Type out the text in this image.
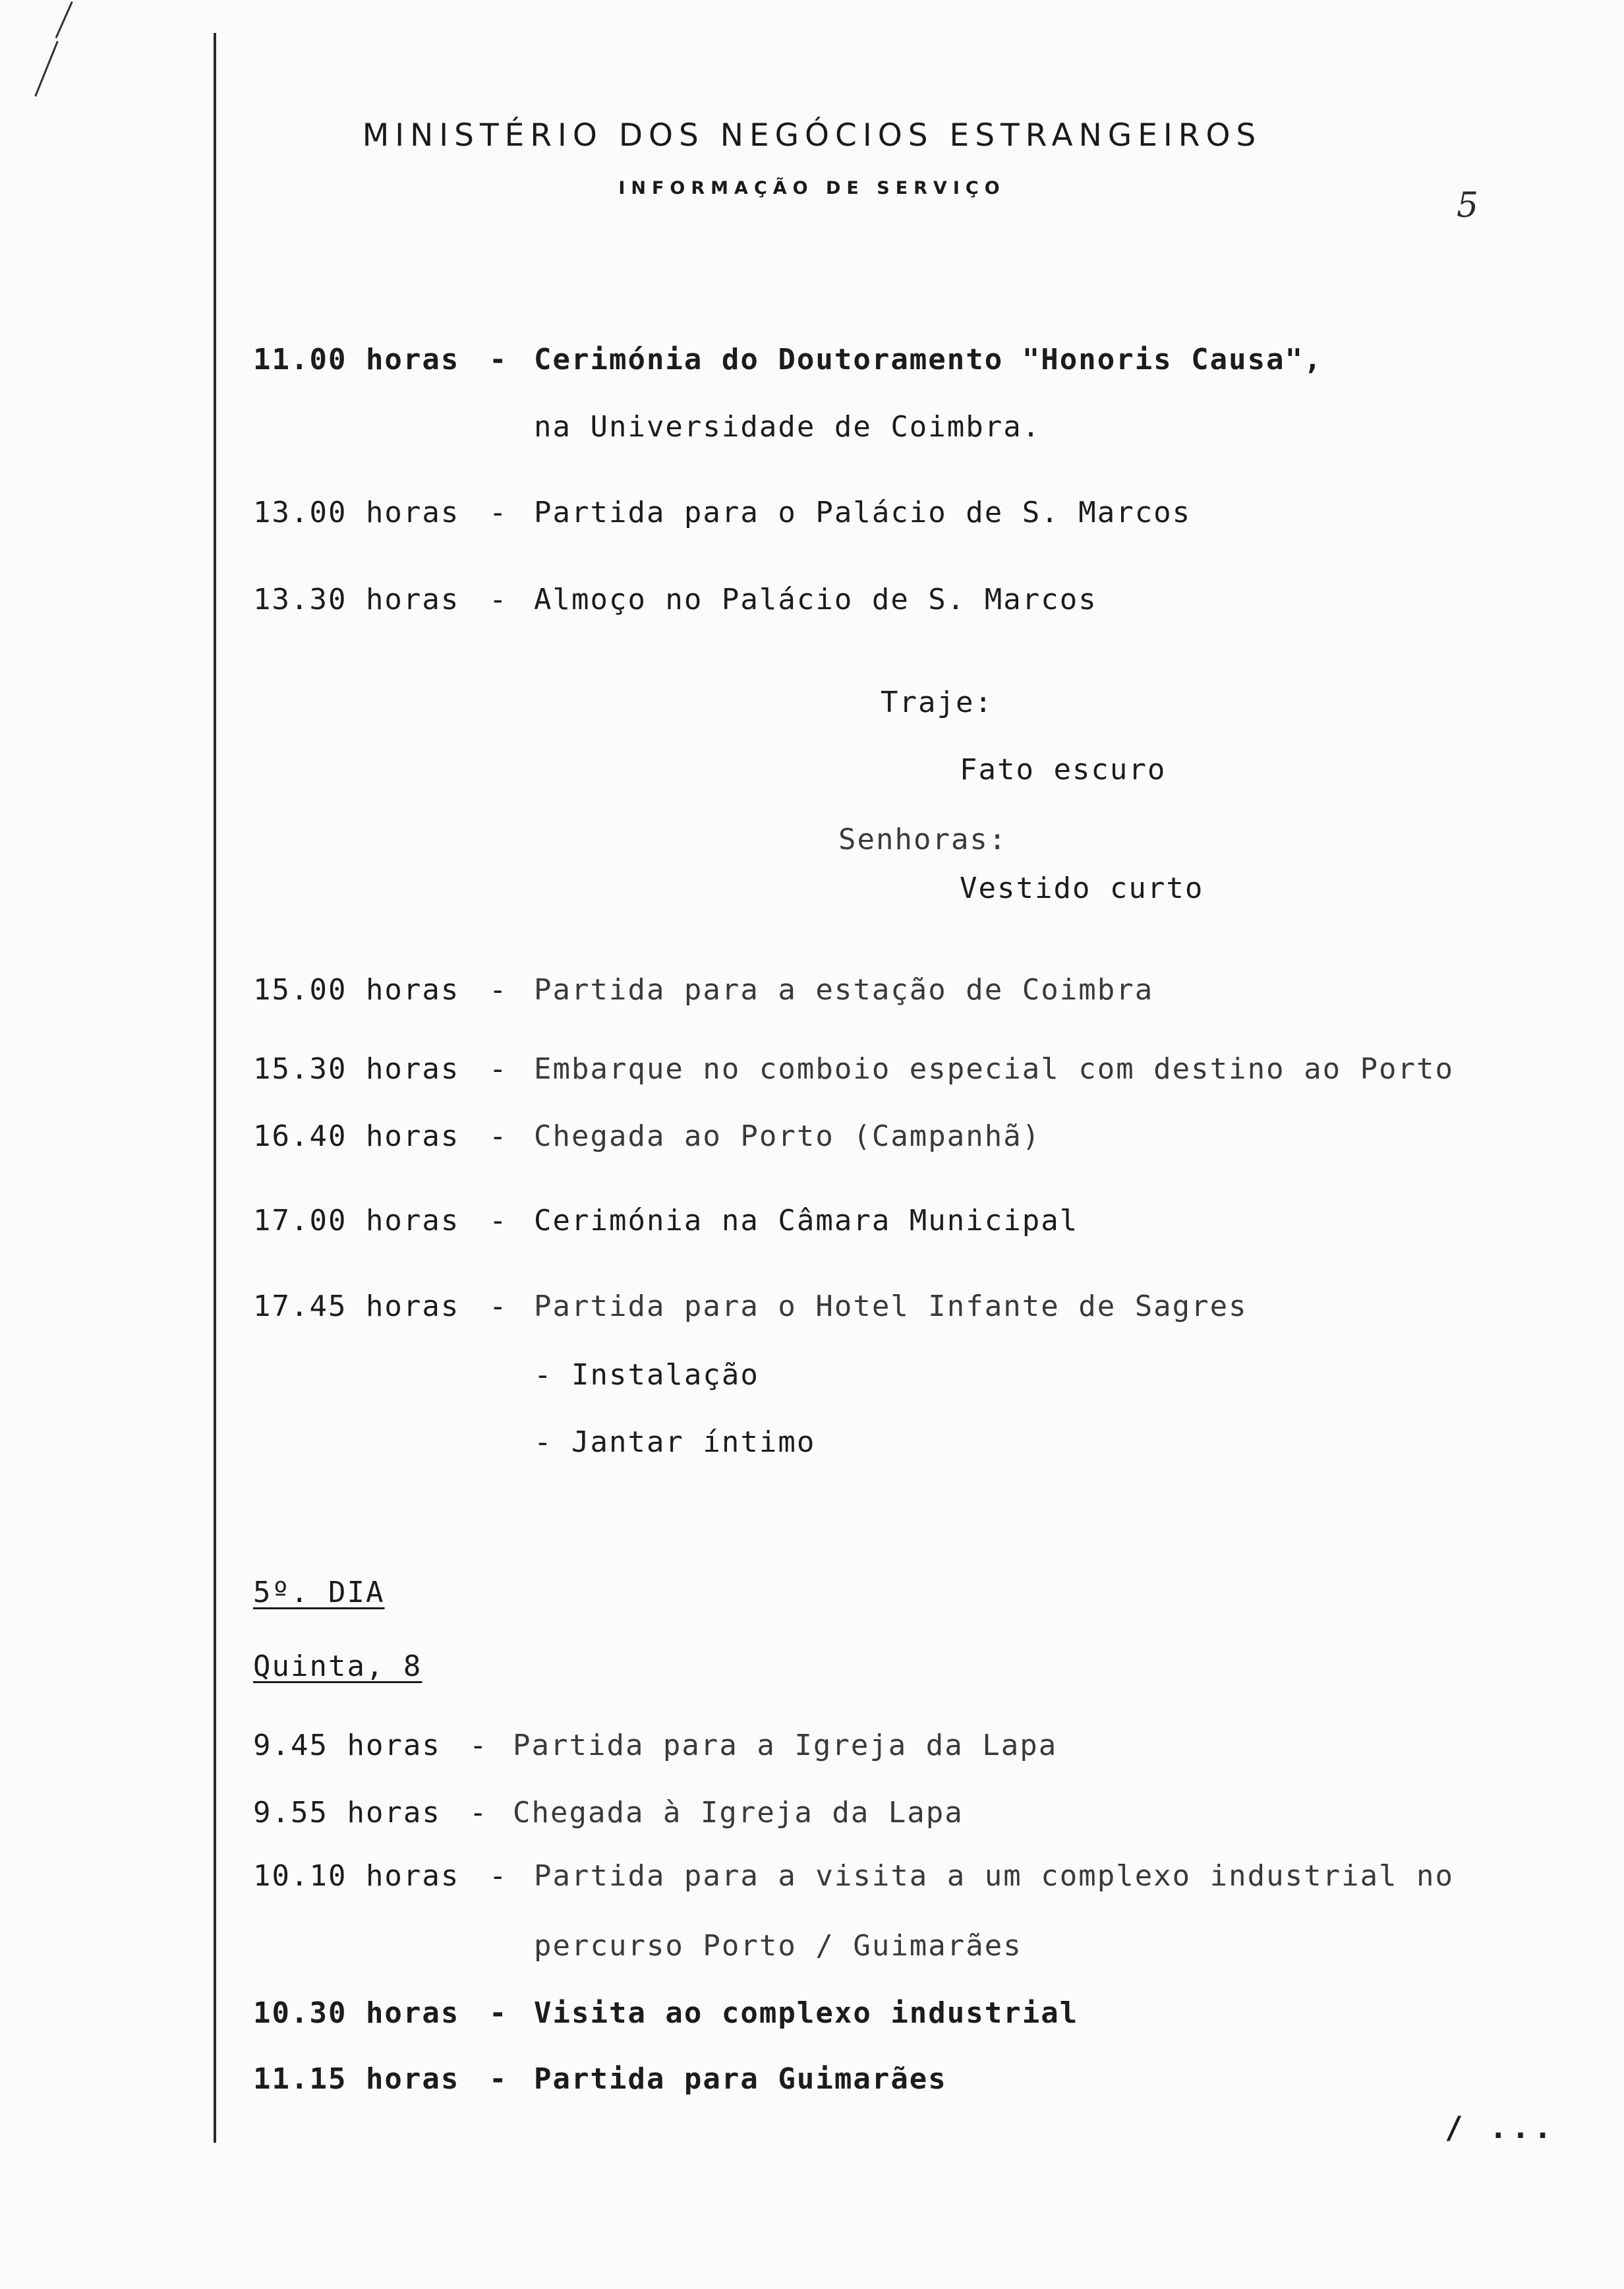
MINISTÉRIO DOS NEGÓCIOS ESTRANGEIROS
INFORMAÇÃO DE SERVIÇO	5
11.00 horas - Cerimónia do Doutoramento "Honoris Causa",
na Universidade de Coimbra.
13.00 horas - Partida para o Palácio de S. Marcos
13.30 horas - Almoço no Palácio de S. Marcos
Traje:
Fato escuro
Senhoras:
Vestido curto
15.00 horas - Partida para a estação de Coimbra
15.30 horas - Embarque no comboio especial com destino ao Porto
16.40 horas - Chegada ao Porto (Campanhã)
17.00 horas - Cerimónia na Câmara Municipal
17.45 horas - Partida para o Hotel Infante de Sagres
- Instalação
- Jantar íntimo
5º. DIA
Quinta, 8
9.45 horas - Partida para a Igreja da Lapa
9.55 horas - Chegada à Igreja da Lapa
10.10 horas - Partida para a visita a um complexo industrial no
percurso Porto / Guimarães
10.30 horas - Visita ao complexo industrial
11.15 horas - Partida para Guimarães
/ ...
